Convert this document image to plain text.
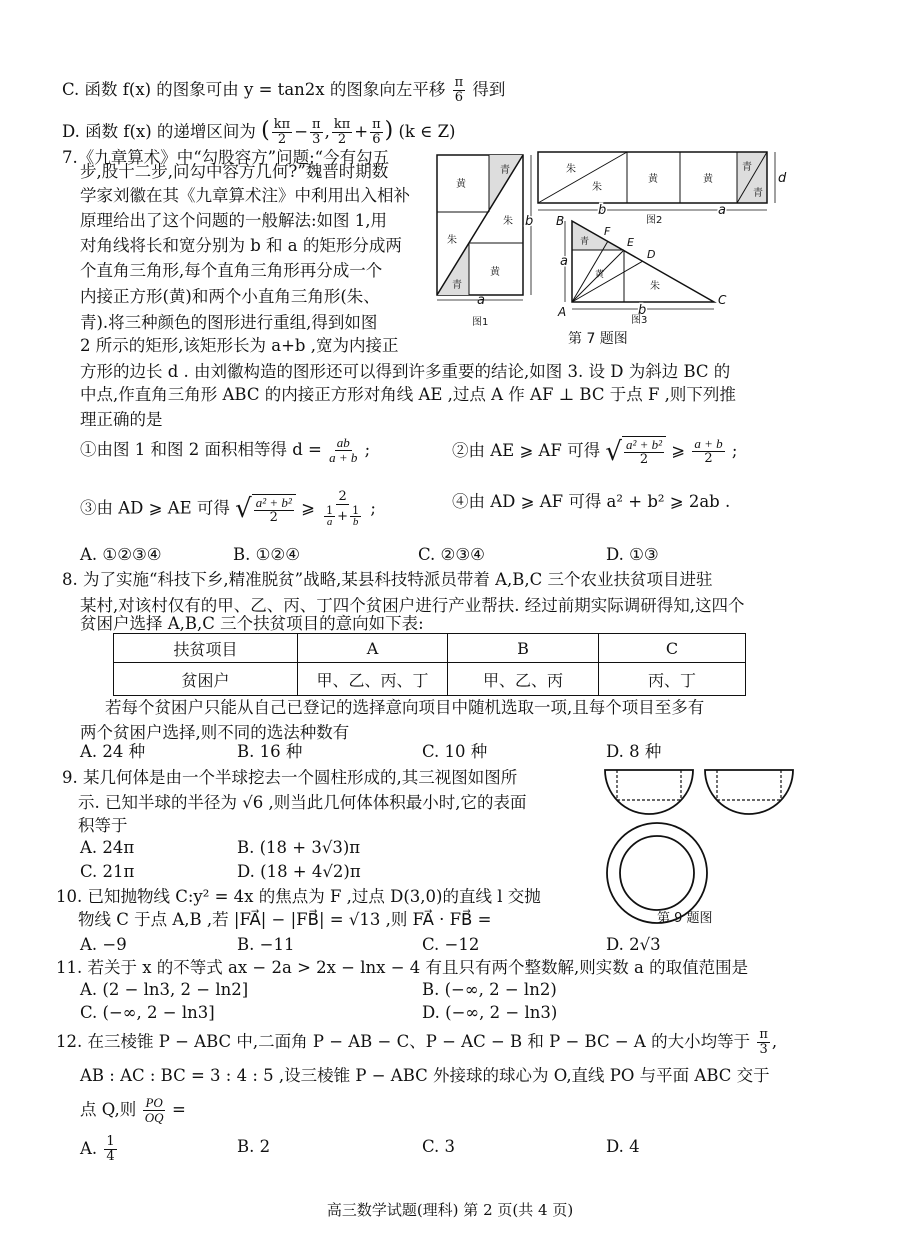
C. 函数 f(x) 的图象可由 y = tan2x 的图象向左平移 $\frac{\pi}{6}$ 得到
D. 函数 f(x) 的递增区间为 ( $\frac{k\pi}{2} - \frac{\pi}{3}$ , $\frac{k\pi}{2} + \frac{\pi}{6}$ ) (k ∈ Z)
7.《九章算术》中“勾股容方”问题:“今有勾五
步,股十二步,问勾中容方几何?”魏晋时期数
学家刘徽在其《九章算术注》中利用出入相补
原理给出了这个问题的一般解法:如图 1,用
对角线将长和宽分别为 b 和 a 的矩形分成两
个直角三角形,每个直角三角形再分成一个
内接正方形(黄)和两个小直角三角形(朱、
青).将三种颜色的图形进行重组,得到如图
2 所示的矩形,该矩形长为 a+b ,宽为内接正
方形的边长 d . 由刘徽构造的图形还可以得到许多重要的结论,如图 3. 设 D 为斜边 BC 的
中点,作直角三角形 ABC 的内接正方形对角线 AE ,过点 A 作 AF ⊥ BC 于点 F ,则下列推
理正确的是
①由图 1 和图 2 面积相等得 $d = \frac{ab}{a + b}$ ;	②由 AE ⩾ AF 可得 √ $\frac{\text{a² + b²}}{2}$ ⩾ $\frac{a + b}{2}$ ;
③由 AD ⩾ AE 可得 √ $\frac{\text{a² + b²}}{2}$ ⩾ $\frac{2}{\frac{1}{a} + \frac{1}{b}}$ ;	④由 AD ⩾ AF 可得 a² + b² ⩾ 2ab .
A. ①②③④	B. ①②④	C. ②③④	D. ①③
黄
青
朱
朱
黄
青
a
b
图1
朱
朱
黄	黄
青
青
b	a
d
图2
B
F
E
D
C
A
a
b
青
黄
朱
图3
第 7 题图
8. 为了实施“科技下乡,精准脱贫”战略,某县科技特派员带着 A,B,C 三个农业扶贫项目进驻
某村,对该村仅有的甲、乙、丙、丁四个贫困户进行产业帮扶. 经过前期实际调研得知,这四个
贫困户选择 A,B,C 三个扶贫项目的意向如下表:
扶贫项目	A	B	C
贫困户	甲、乙、丙、丁	甲、乙、丙	丙、丁
若每个贫困户只能从自己已登记的选择意向项目中随机选取一项,且每个项目至多有
两个贫困户选择,则不同的选法种数有
A. 24 种	B. 16 种	C. 10 种	D. 8 种
9. 某几何体是由一个半球挖去一个圆柱形成的,其三视图如图所
示. 已知半球的半径为 √6 ,则当此几何体体积最小时,它的表面
积等于
A. 24π	B. (18 + 3√3)π
C. 21π	D. (18 + 4√2)π
第 9 题图
10. 已知抛物线 C:y² = 4x 的焦点为 F ,过点 D(3,0)的直线 l 交抛
物线 C 于点 A,B ,若 |FA⃗| − |FB⃗| = √13 ,则 FA⃗ · FB⃗ =
A. −9	B. −11	C. −12	D. 2√3
11. 若关于 x 的不等式 ax − 2a > 2x − lnx − 4 有且只有两个整数解,则实数 a 的取值范围是
A. (2 − ln3, 2 − ln2]	B. (−∞, 2 − ln2)
C. (−∞, 2 − ln3]	D. (−∞, 2 − ln3)
12. 在三棱锥 P − ABC 中,二面角 P − AB − C、P − AC − B 和 P − BC − A 的大小均等于 $\frac{\pi}{3}$ ,
AB : AC : BC = 3 : 4 : 5 ,设三棱锥 P − ABC 外接球的球心为 O,直线 PO 与平面 ABC 交于
点 Q,则 $\frac{PO}{OQ}$ =
A. $\frac{1}{4}$	B. 2	C. 3	D. 4
高三数学试题(理科) 第 2 页(共 4 页)
